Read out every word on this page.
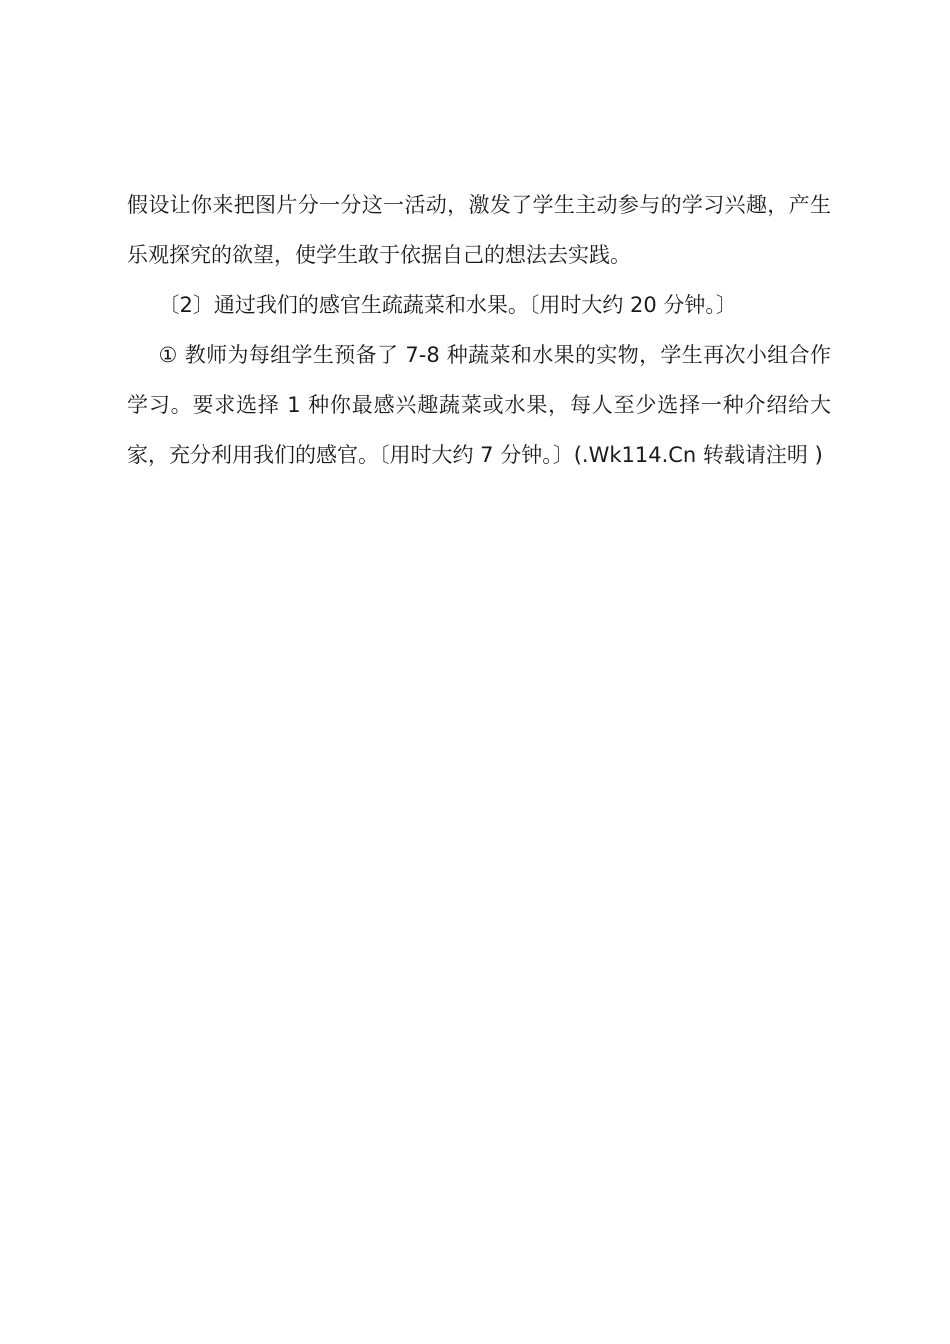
假设让你来把图片分一分这一活动，激发了学生主动参与的学习兴趣，产生乐观探究的欲望，使学生敢于依据自己的想法去实践。

〔2〕通过我们的感官生疏蔬菜和水果。〔用时大约 20 分钟。〕

① 教师为每组学生预备了 7-8 种蔬菜和水果的实物，学生再次小组合作学习。要求选择 1 种你最感兴趣蔬菜或水果，每人至少选择一种介绍给大家，充分利用我们的感官。〔用时大约 7 分钟。〕(.Wk114.Cn 转载请注明 )
